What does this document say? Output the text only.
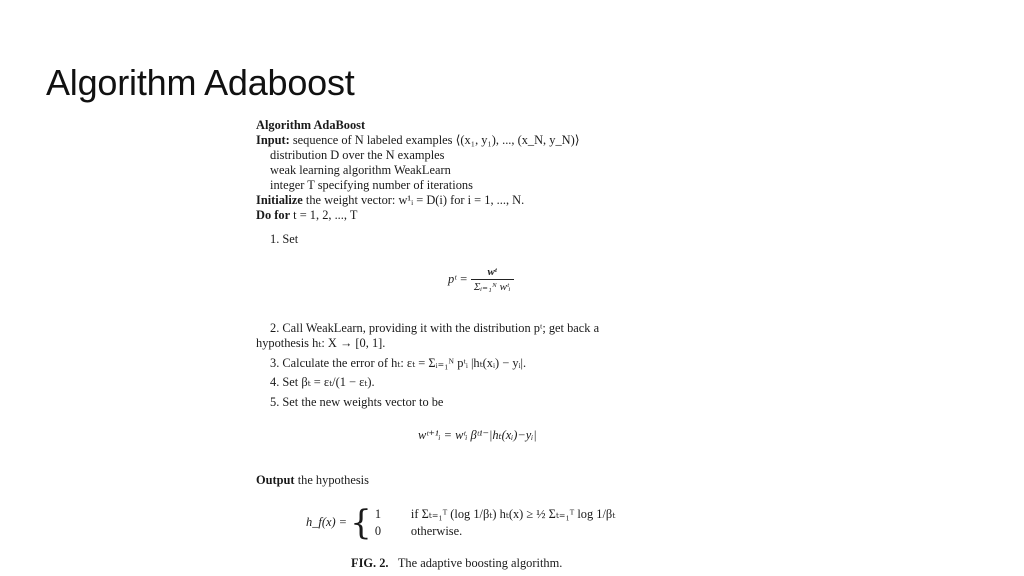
Algorithm Adaboost
Algorithm AdaBoost
Input: sequence of N labeled examples ⟨(x₁, y₁), ..., (x_N, y_N)⟩
distribution D over the N examples
weak learning algorithm WeakLearn
integer T specifying number of iterations
Initialize the weight vector: w¹ᵢ = D(i) for i = 1, ..., N.
Do for t = 1, 2, ..., T
1. Set
pᵗ = $\frac{\text{wᵗ}}{\text{Σᵢ₌₁ᴺ wᵗᵢ}}$
2. Call WeakLearn, providing it with the distribution pᵗ; get back a
hypothesis hₜ: X → [0, 1].
3. Calculate the error of hₜ: εₜ = Σᵢ₌₁ᴺ pᵗᵢ |hₜ(xᵢ) − yᵢ|.
4. Set βₜ = εₜ/(1 − εₜ).
5. Set the new weights vector to be
wᵗ⁺¹ᵢ = wᵗᵢ βᵗ¹⁻|hₜ(xᵢ)−yᵢ|
Output the hypothesis
h_f(x) = { 1 if Σₜ₌₁ᵀ (log 1/βₜ) hₜ(x) ≥ ½ Σₜ₌₁ᵀ log 1/βₜ
0 otherwise.
FIG. 2. The adaptive boosting algorithm.
